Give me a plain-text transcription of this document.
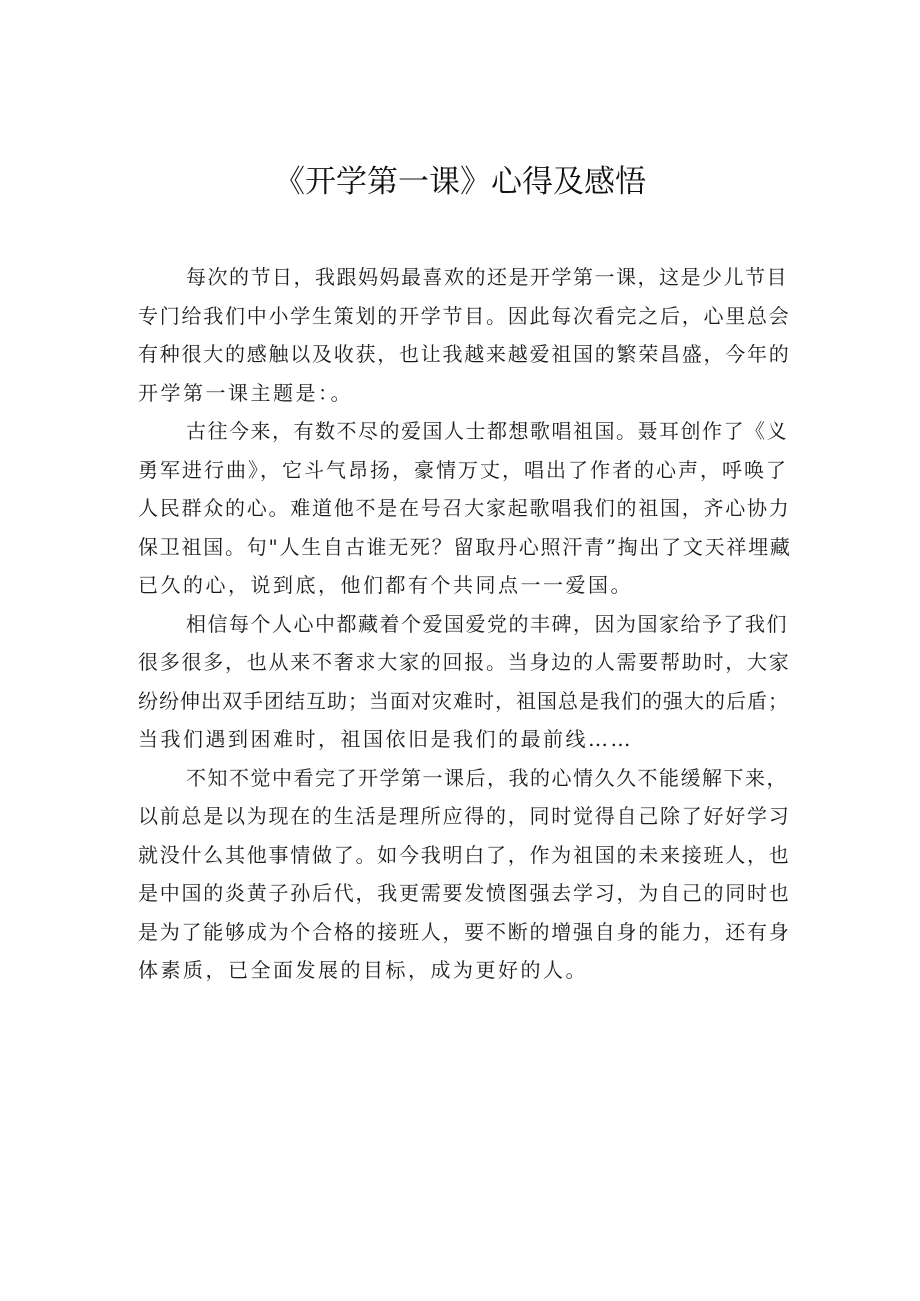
《开学第一课》心得及感悟
每次的节日，我跟妈妈最喜欢的还是开学第一课，这是少儿节目
专门给我们中小学生策划的开学节目。因此每次看完之后，心里总会
有种很大的感触以及收获，也让我越来越爱祖国的繁荣昌盛，今年的
开学第一课主题是：。
古往今来，有数不尽的爱国人士都想歌唱祖国。聂耳创作了《义
勇军进行曲》，它斗气昂扬，豪情万丈，唱出了作者的心声，呼唤了
人民群众的心。难道他不是在号召大家起歌唱我们的祖国，齐心协力
保卫祖国。句"人生自古谁无死？留取丹心照汗青”掏出了文天祥埋藏
已久的心，说到底，他们都有个共同点一一爱国。
相信每个人心中都藏着个爱国爱党的丰碑，因为国家给予了我们
很多很多，也从来不奢求大家的回报。当身边的人需要帮助时，大家
纷纷伸出双手团结互助；当面对灾难时，祖国总是我们的强大的后盾；
当我们遇到困难时，祖国依旧是我们的最前线……
不知不觉中看完了开学第一课后，我的心情久久不能缓解下来，
以前总是以为现在的生活是理所应得的，同时觉得自己除了好好学习
就没什么其他事情做了。如今我明白了，作为祖国的未来接班人，也
是中国的炎黄子孙后代，我更需要发愤图强去学习，为自己的同时也
是为了能够成为个合格的接班人，要不断的增强自身的能力，还有身
体素质，已全面发展的目标，成为更好的人。
